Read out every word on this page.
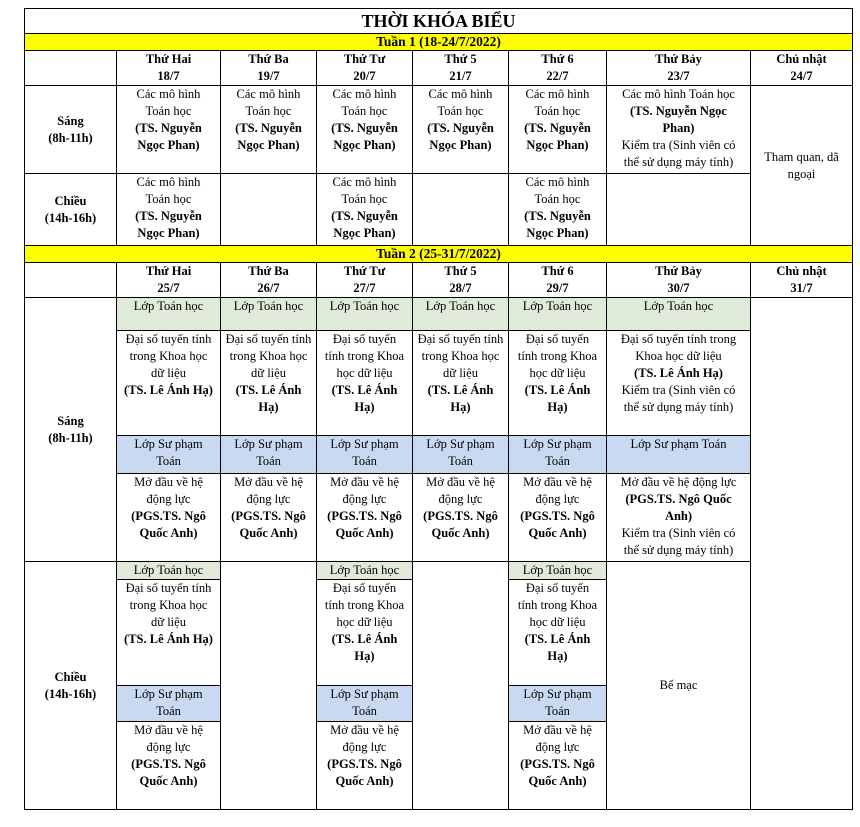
THỜI KHÓA BIỂU							
Tuần 1 (18-24/7/2022)							

	Thứ Hai
18/7	Thứ Ba
19/7	Thứ Tư
20/7	Thứ 5
21/7	Thứ 6
22/7	Thứ Bảy
23/7	Chủ nhật
24/7

Sáng
(8h-11h)	Các mô hình
Toán học
(TS. Nguyễn
Ngọc Phan)	Các mô hình
Toán học
(TS. Nguyễn
Ngọc Phan)	Các mô hình
Toán học
(TS. Nguyễn
Ngọc Phan)	Các mô hình
Toán học
(TS. Nguyễn
Ngọc Phan)	Các mô hình
Toán học
(TS. Nguyễn
Ngọc Phan)	Các mô hình Toán học
(TS. Nguyễn Ngọc
Phan)
Kiểm tra (Sinh viên có
thể sử dụng máy tính)	Tham quan, dã
ngoại

Chiều
(14h-16h)	Các mô hình
Toán học
(TS. Nguyễn
Ngọc Phan)		Các mô hình
Toán học
(TS. Nguyễn
Ngọc Phan)		Các mô hình
Toán học
(TS. Nguyễn
Ngọc Phan)		

Tuần 2 (25-31/7/2022)							

	Thứ Hai
25/7	Thứ Ba
26/7	Thứ Tư
27/7	Thứ 5
28/7	Thứ 6
29/7	Thứ Bảy
30/7	Chủ nhật
31/7

Sáng
(8h-11h)	Lớp Toán học	Lớp Toán học	Lớp Toán học	Lớp Toán học	Lớp Toán học	Lớp Toán học	

	Đại số tuyến tính
trong Khoa học
dữ liệu
(TS. Lê Ánh Hạ)	Đại số tuyến tính
trong Khoa học
dữ liệu
(TS. Lê Ánh
Hạ)	Đại số tuyến
tính trong Khoa
học dữ liệu
(TS. Lê Ánh
Hạ)	Đại số tuyến tính
trong Khoa học
dữ liệu
(TS. Lê Ánh
Hạ)	Đại số tuyến
tính trong Khoa
học dữ liệu
(TS. Lê Ánh
Hạ)	Đại số tuyến tính trong
Khoa học dữ liệu
(TS. Lê Ánh Hạ)
Kiểm tra (Sinh viên có
thể sử dụng máy tính)	

	Lớp Sư phạm
Toán	Lớp Sư phạm
Toán	Lớp Sư phạm
Toán	Lớp Sư phạm
Toán	Lớp Sư phạm
Toán	Lớp Sư phạm Toán	

	Mở đầu về hệ
động lực
(PGS.TS. Ngô
Quốc Anh)	Mở đầu về hệ
động lực
(PGS.TS. Ngô
Quốc Anh)	Mở đầu về hệ
động lực
(PGS.TS. Ngô
Quốc Anh)	Mở đầu về hệ
động lực
(PGS.TS. Ngô
Quốc Anh)	Mở đầu về hệ
động lực
(PGS.TS. Ngô
Quốc Anh)	Mở đầu về hệ động lực
(PGS.TS. Ngô Quốc
Anh)
Kiểm tra (Sinh viên có
thể sử dụng máy tính)	

Chiều
(14h-16h)	Lớp Toán học		Lớp Toán học		Lớp Toán học	Bế mạc	

	Đại số tuyến tính
trong Khoa học
dữ liệu
(TS. Lê Ánh Hạ)		Đại số tuyến
tính trong Khoa
học dữ liệu
(TS. Lê Ánh
Hạ)		Đại số tuyến
tính trong Khoa
học dữ liệu
(TS. Lê Ánh
Hạ)		

	Lớp Sư phạm
Toán		Lớp Sư phạm
Toán		Lớp Sư phạm
Toán		

	Mở đầu về hệ
động lực
(PGS.TS. Ngô
Quốc Anh)		Mở đầu về hệ
động lực
(PGS.TS. Ngô
Quốc Anh)		Mở đầu về hệ
động lực
(PGS.TS. Ngô
Quốc Anh)		
